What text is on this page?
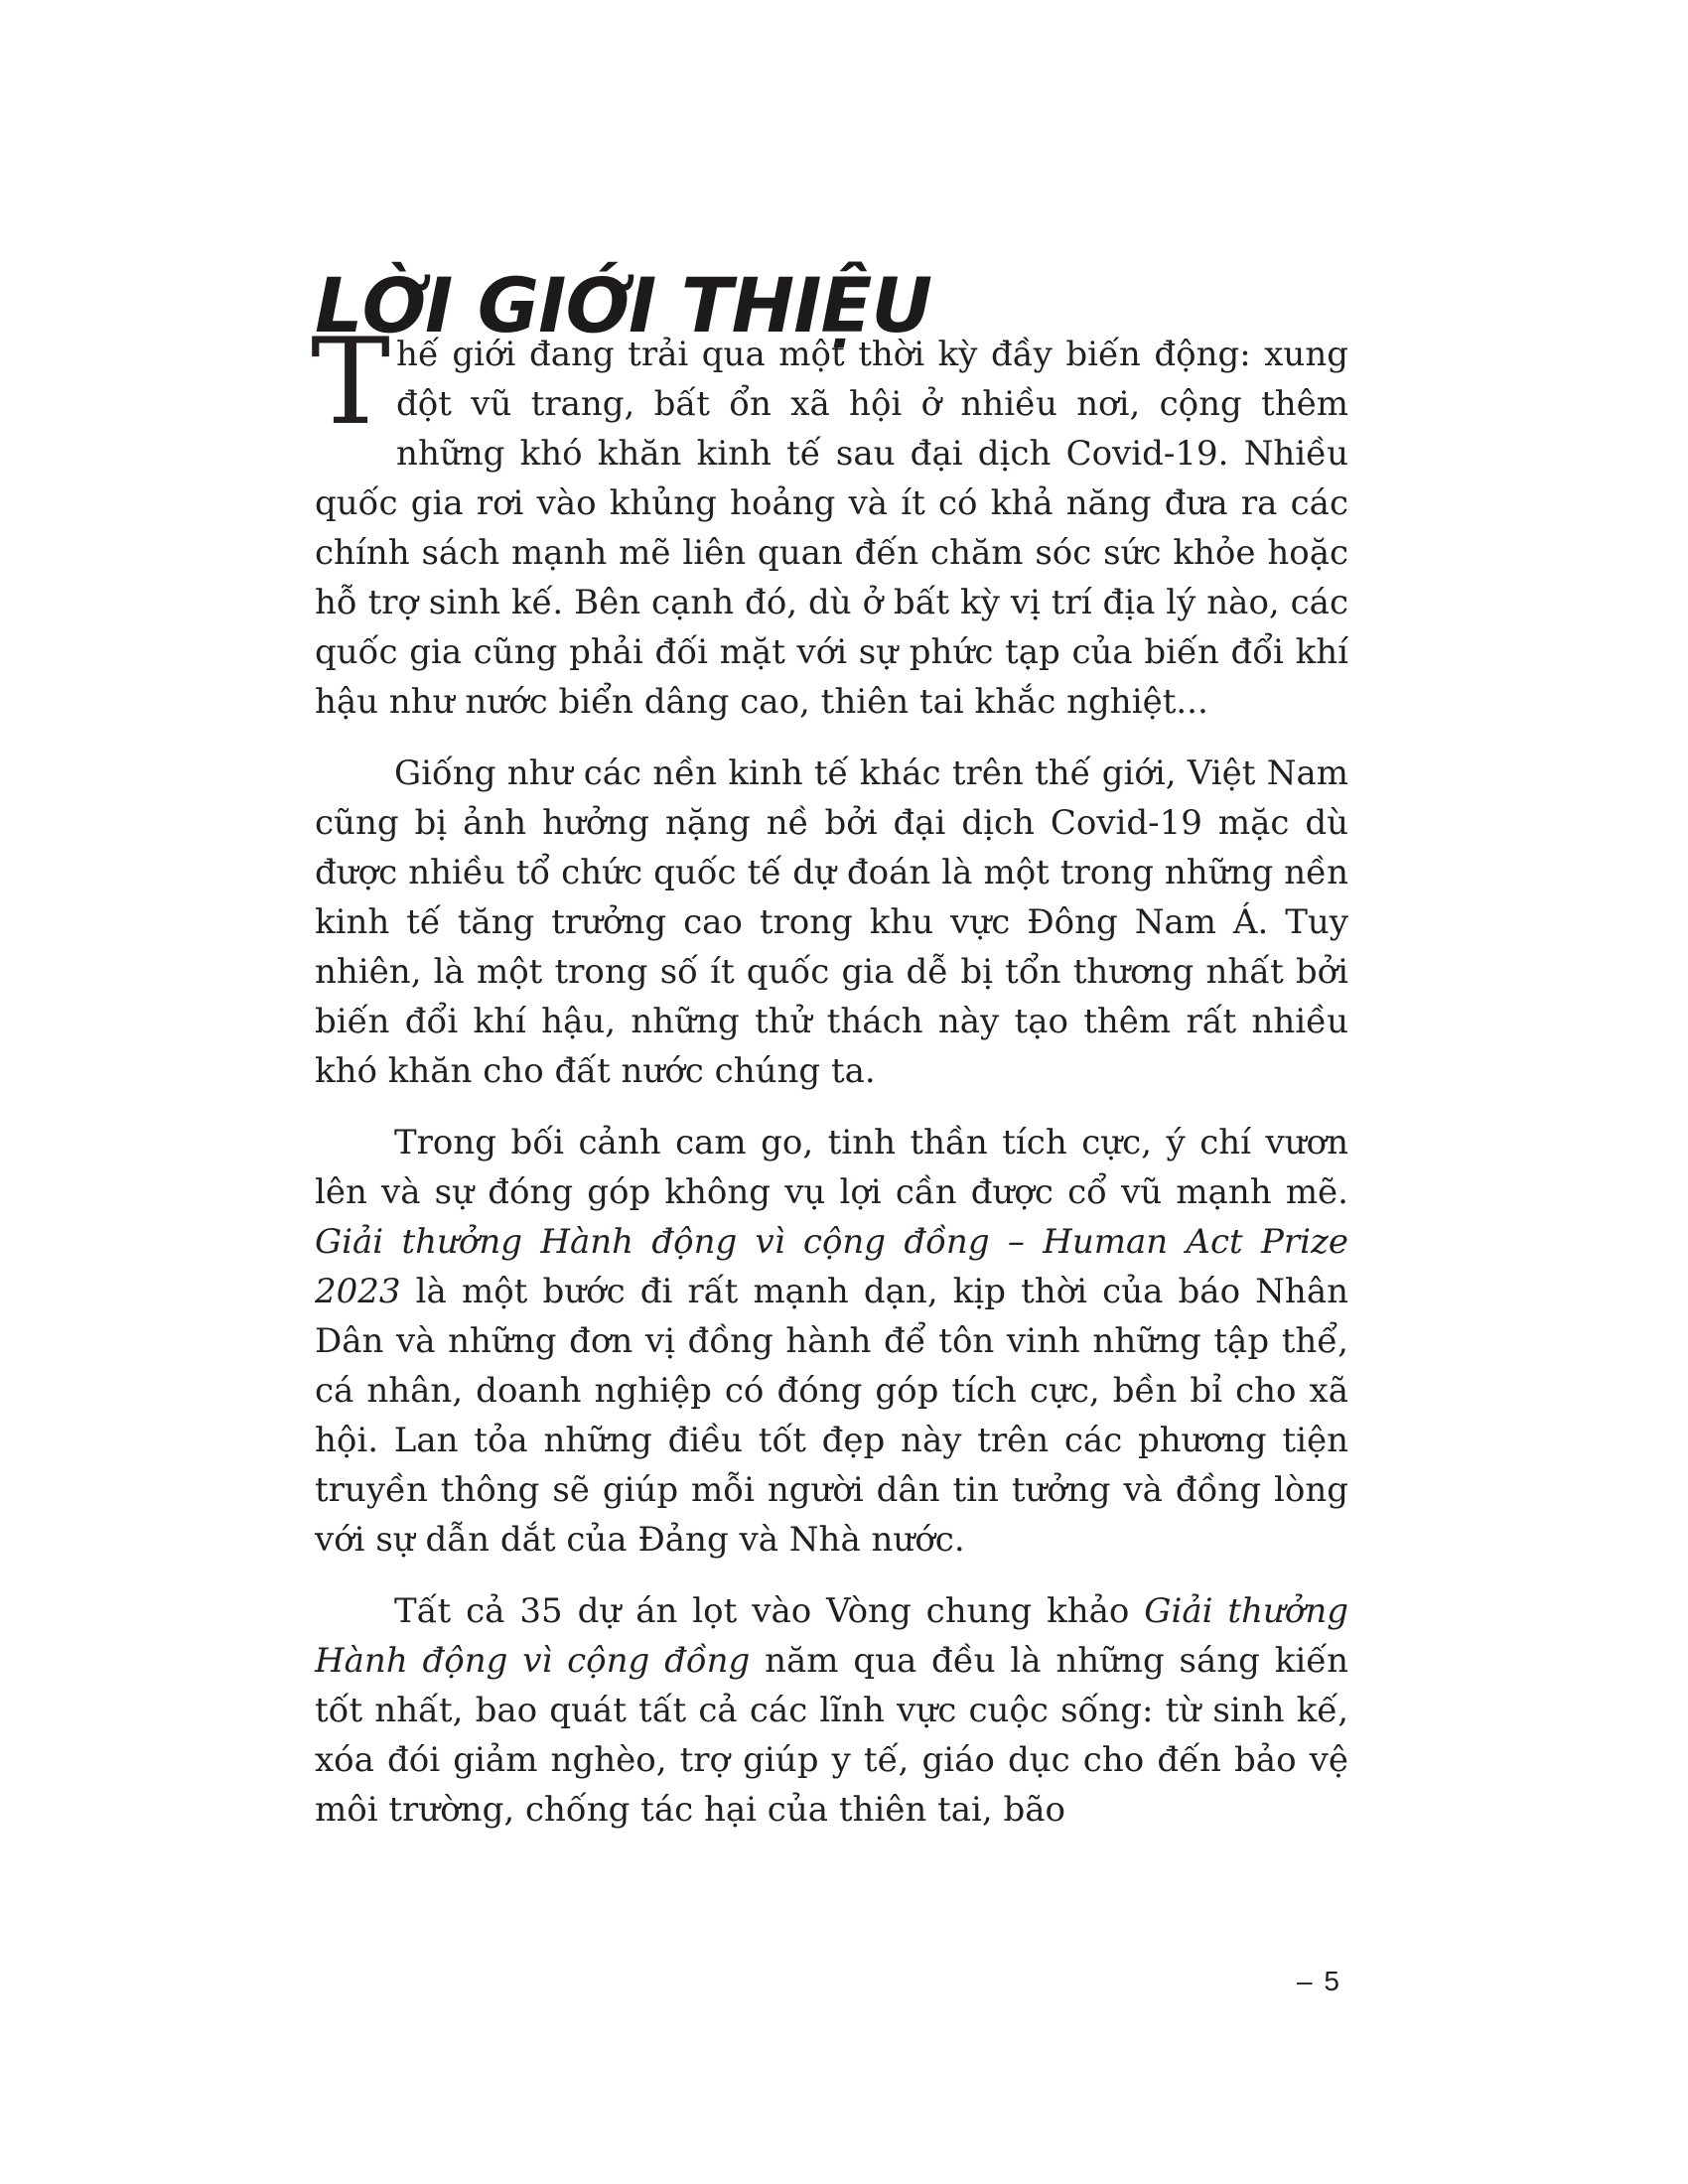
LỜI GIỚI THIỆU

Thế giới đang trải qua một thời kỳ đầy biến động: xung đột vũ trang, bất ổn xã hội ở nhiều nơi, cộng thêm những khó khăn kinh tế sau đại dịch Covid-19. Nhiều quốc gia rơi vào khủng hoảng và ít có khả năng đưa ra các chính sách mạnh mẽ liên quan đến chăm sóc sức khỏe hoặc hỗ trợ sinh kế. Bên cạnh đó, dù ở bất kỳ vị trí địa lý nào, các quốc gia cũng phải đối mặt với sự phức tạp của biến đổi khí hậu như nước biển dâng cao, thiên tai khắc nghiệt...

Giống như các nền kinh tế khác trên thế giới, Việt Nam cũng bị ảnh hưởng nặng nề bởi đại dịch Covid-19 mặc dù được nhiều tổ chức quốc tế dự đoán là một trong những nền kinh tế tăng trưởng cao trong khu vực Đông Nam Á. Tuy nhiên, là một trong số ít quốc gia dễ bị tổn thương nhất bởi biến đổi khí hậu, những thử thách này tạo thêm rất nhiều khó khăn cho đất nước chúng ta.

Trong bối cảnh cam go, tinh thần tích cực, ý chí vươn lên và sự đóng góp không vụ lợi cần được cổ vũ mạnh mẽ. Giải thưởng Hành động vì cộng đồng – Human Act Prize 2023 là một bước đi rất mạnh dạn, kịp thời của báo Nhân Dân và những đơn vị đồng hành để tôn vinh những tập thể, cá nhân, doanh nghiệp có đóng góp tích cực, bền bỉ cho xã hội. Lan tỏa những điều tốt đẹp này trên các phương tiện truyền thông sẽ giúp mỗi người dân tin tưởng và đồng lòng với sự dẫn dắt của Đảng và Nhà nước.

Tất cả 35 dự án lọt vào Vòng chung khảo Giải thưởng Hành động vì cộng đồng năm qua đều là những sáng kiến tốt nhất, bao quát tất cả các lĩnh vực cuộc sống: từ sinh kế, xóa đói giảm nghèo, trợ giúp y tế, giáo dục cho đến bảo vệ môi trường, chống tác hại của thiên tai, bão

– 5
